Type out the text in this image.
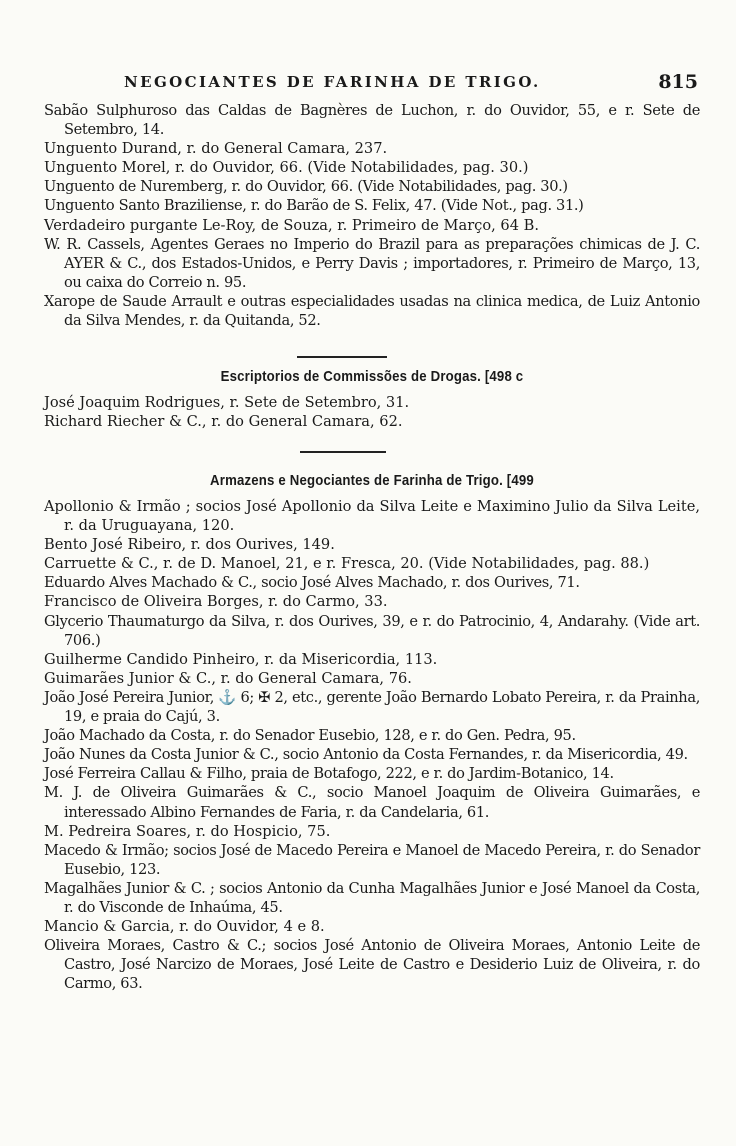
NEGOCIANTES DE FARINHA DE TRIGO.	815
Sabão Sulphuroso das Caldas de Bagnères de Luchon, r. do Ouvidor, 55, e r. Sete de Setembro, 14.
Unguento Durand, r. do General Camara, 237.
Unguento Morel, r. do Ouvidor, 66. (Vide Notabilidades, pag. 30.)
Unguento de Nuremberg, r. do Ouvidor, 66. (Vide Notabilidades, pag. 30.)
Unguento Santo Braziliense, r. do Barão de S. Felix, 47. (Vide Not., pag. 31.)
Verdadeiro purgante Le-Roy, de Souza, r. Primeiro de Março, 64 B.
W. R. Cassels, Agentes Geraes no Imperio do Brazil para as preparações chimicas de J. C. AYER & C., dos Estados-Unidos, e Perry Davis ; importadores, r. Primeiro de Março, 13, ou caixa do Correio n. 95.
Xarope de Saude Arrault e outras especialidades usadas na clinica medica, de Luiz Antonio da Silva Mendes, r. da Quitanda, 52.
Escriptorios de Commissões de Drogas. [498 c
José Joaquim Rodrigues, r. Sete de Setembro, 31.
Richard Riecher & C., r. do General Camara, 62.
Armazens e Negociantes de Farinha de Trigo. [499
Apollonio & Irmão ; socios José Apollonio da Silva Leite e Maximino Julio da Silva Leite, r. da Uruguayana, 120.
Bento José Ribeiro, r. dos Ourives, 149.
Carruette & C., r. de D. Manoel, 21, e r. Fresca, 20. (Vide Notabilidades, pag. 88.)
Eduardo Alves Machado & C., socio José Alves Machado, r. dos Ourives, 71.
Francisco de Oliveira Borges, r. do Carmo, 33.
Glycerio Thaumaturgo da Silva, r. dos Ourives, 39, e r. do Patrocinio, 4, Andarahy. (Vide art. 706.)
Guilherme Candido Pinheiro, r. da Misericordia, 113.
Guimarães Junior & C., r. do General Camara, 76.
João José Pereira Junior, ⚓ 6; ✠ 2, etc., gerente João Bernardo Lobato Pereira, r. da Prainha, 19, e praia do Cajú, 3.
João Machado da Costa, r. do Senador Eusebio, 128, e r. do Gen. Pedra, 95.
João Nunes da Costa Junior & C., socio Antonio da Costa Fernandes, r. da Misericordia, 49.
José Ferreira Callau & Filho, praia de Botafogo, 222, e r. do Jardim-Botanico, 14.
M. J. de Oliveira Guimarães & C., socio Manoel Joaquim de Oliveira Guimarães, e interessado Albino Fernandes de Faria, r. da Candelaria, 61.
M. Pedreira Soares, r. do Hospicio, 75.
Macedo & Irmão; socios José de Macedo Pereira e Manoel de Macedo Pereira, r. do Senador Eusebio, 123.
Magalhães Junior & C. ; socios Antonio da Cunha Magalhães Junior e José Manoel da Costa, r. do Visconde de Inhaúma, 45.
Mancio & Garcia, r. do Ouvidor, 4 e 8.
Oliveira Moraes, Castro & C.; socios José Antonio de Oliveira Moraes, Antonio Leite de Castro, José Narcizo de Moraes, José Leite de Castro e Desiderio Luiz de Oliveira, r. do Carmo, 63.
